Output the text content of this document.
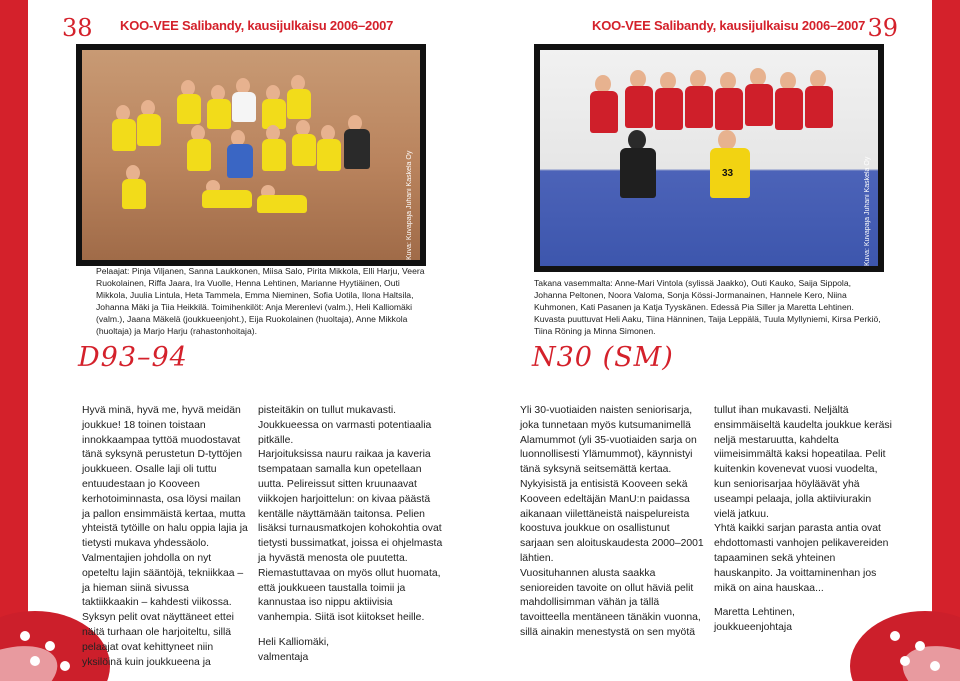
38 KOO-VEE Salibandy, kausijulkaisu 2006–2007
Kuva: Kuvapaja Juhani Kaskela Oy
Pelaajat: Pinja Viljanen, Sanna Laukkonen, Miisa Salo, Pirita Mikkola, Elli Harju, Veera Ruokolainen, Riffa Jaara, Ira Vuolle, Henna Lehtinen, Marianne Hyytiäinen, Outi Mikkola, Juulia Lintula, Heta Tammela, Emma Nieminen, Sofia Uotila, Ilona Haltsila, Johanna Mäki ja Tiia Heikkilä. Toimihenkilöt: Anja Merenlevi (valm.), Heli Kalliomäki (valm.), Jaana Mäkelä (joukkueenjoht.), Eija Ruokolainen (huoltaja), Anne Mikkola (huoltaja) ja Marjo Harju (rahastonhoitaja).
D93–94

Hyvä minä, hyvä me, hyvä meidän joukkue! 18 toinen toistaan innokkaampaa tyttöä muodostavat tänä syksynä perustetun D-tyttöjen joukkueen. Osalle laji oli tuttu entuudestaan jo Kooveen kerhotoiminnasta, osa löysi mailan ja pallon ensimmäistä kertaa, mutta yhteistä tytöille on halu oppia lajia ja tietysti mukava yhdessäolo.

Valmentajien johdolla on nyt opeteltu lajin sääntöjä, tekniikkaa – ja hieman siinä sivussa taktiikkaakin – kahdesti viikossa. Syksyn pelit ovat näyttäneet ettei näitä turhaan ole harjoiteltu, sillä pelaajat ovat kehittyneet niin yksilöinä kuin joukkueena ja

pisteitäkin on tullut mukavasti. Joukkueessa on varmasti potentiaalia pitkälle.

Harjoituksissa nauru raikaa ja kaveria tsempataan samalla kun opetellaan uutta. Pelireissut sitten kruunaavat viikkojen harjoittelun: on kivaa päästä kentälle näyttämään taitonsa. Pelien lisäksi turnausmatkojen kohokohtia ovat tietysti bussimatkat, joissa ei ohjelmasta ja hyvästä menosta ole puutetta. Riemastuttavaa on myös ollut huomata, että joukkueen taustalla toimii ja kannustaa iso nippu aktiivisia vanhempia. Siitä isot kiitokset heille.

Heli Kalliomäki,

valmentaja

39
KOO-VEE Salibandy, kausijulkaisu 2006–2007
33	Kuva: Kuvapaja Juhani Kaskela Oy
Takana vasemmalta: Anne-Mari Vintola (sylissä Jaakko), Outi Kauko, Saija Sippola, Johanna Peltonen, Noora Valoma, Sonja Kössi-Jormanainen, Hannele Kero, Niina Kuhmonen, Kati Pasanen ja Katja Tyyskänen. Edessä Pia Siller ja Maretta Lehtinen. Kuvasta puuttuvat Heli Aaku, Tiina Hänninen, Taija Leppälä, Tuula Myllyniemi, Kirsa Perkiö, Tiina Röning ja Minna Simonen.
N30 (SM)

Yli 30-vuotiaiden naisten seniorisarja, joka tunnetaan myös kutsumanimellä Alamummot (yli 35-vuotiaiden sarja on luonnollisesti Ylämummot), käynnistyi tänä syksynä seitsemättä kertaa. Nykyisistä ja entisistä Kooveen sekä Kooveen edeltäjän ManU:n paidassa aikanaan viilettäneistä naispelureista koostuva joukkue on osallistunut sarjaan sen aloituskaudesta 2000–2001 lähtien.

Vuosituhannen alusta saakka senioreiden tavoite on ollut häviä pelit mahdollisimman vähän ja tällä tavoitteella mentäneen tänäkin vuonna, sillä ainakin menestystä on sen myötä

tullut ihan mukavasti. Neljältä ensimmäiseltä kaudelta joukkue keräsi neljä mestaruutta, kahdelta viimeisimmältä kaksi hopeatilaa. Pelit kuitenkin kovenevat vuosi vuodelta, kun seniorisarjaa höyläävät yhä useampi pelaaja, jolla aktiiviurakin vielä jatkuu.

Yhtä kaikki sarjan parasta antia ovat ehdottomasti vanhojen pelikavereiden tapaaminen sekä yhteinen hauskanpito. Ja voittaminenhan jos mikä on aina hauskaa...

Maretta Lehtinen,

joukkueenjohtaja
